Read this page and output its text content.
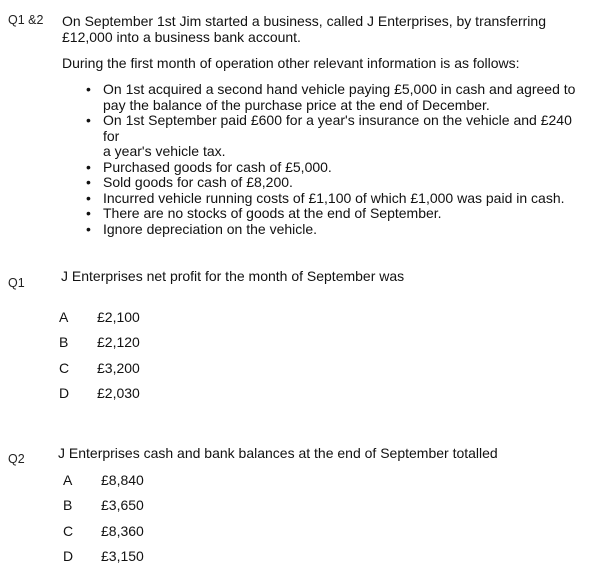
Q1 &2 On September 1st Jim started a business, called J Enterprises, by transferring
£12,000 into a business bank account.
During the first month of operation other relevant information is as follows:
• On 1st acquired a second hand vehicle paying £5,000 in cash and agreed to
pay the balance of the purchase price at the end of December.
• On 1st September paid £600 for a year's insurance on the vehicle and £240 for
a year's vehicle tax.
• Purchased goods for cash of £5,000.
• Sold goods for cash of £8,200.
• Incurred vehicle running costs of £1,100 of which £1,000 was paid in cash.
• There are no stocks of goods at the end of September.
• Ignore depreciation on the vehicle.
Q1	J Enterprises net profit for the month of September was
A £2,100
B £2,120
C £3,200
D £2,030
Q2 J Enterprises cash and bank balances at the end of September totalled
A £8,840
B £3,650
C £8,360
D £3,150
